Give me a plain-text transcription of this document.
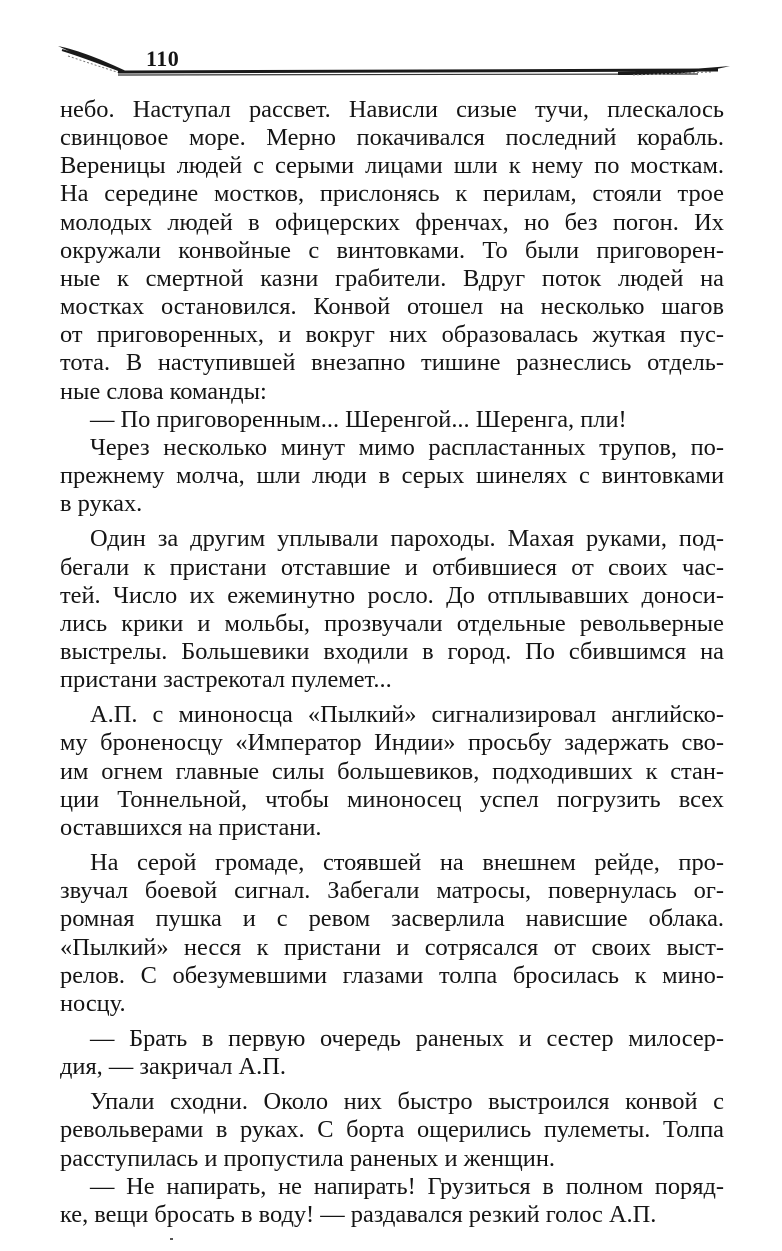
110

небо. Наступал рассвет. Нависли сизые тучи, плескалось

свинцовое море. Мерно покачивался последний корабль.

Вереницы людей с серыми лицами шли к нему по мосткам.

На середине мостков, прислонясь к перилам, стояли трое

молодых людей в офицерских френчах, но без погон. Их

окружали конвойные с винтовками. То были приговорен-

ные к смертной казни грабители. Вдруг поток людей на

мостках остановился. Конвой отошел на несколько шагов

от приговоренных, и вокруг них образовалась жуткая пус-

тота. В наступившей внезапно тишине разнеслись отдель-

ные слова команды:

— По приговоренным... Шеренгой... Шеренга, пли!

Через несколько минут мимо распластанных трупов, по-

прежнему молча, шли люди в серых шинелях с винтовками

в руках.

Один за другим уплывали пароходы. Махая руками, под-

бегали к пристани отставшие и отбившиеся от своих час-

тей. Число их ежеминутно росло. До отплывавших доноси-

лись крики и мольбы, прозвучали отдельные револьверные

выстрелы. Большевики входили в город. По сбившимся на

пристани застрекотал пулемет...

А.П. с миноносца «Пылкий» сигнализировал английско-

му броненосцу «Император Индии» просьбу задержать сво-

им огнем главные силы большевиков, подходивших к стан-

ции Тоннельной, чтобы миноносец успел погрузить всех

оставшихся на пристани.

На серой громаде, стоявшей на внешнем рейде, про-

звучал боевой сигнал. Забегали матросы, повернулась ог-

ромная пушка и с ревом засверлила нависшие облака.

«Пылкий» несся к пристани и сотрясался от своих выст-

релов. С обезумевшими глазами толпа бросилась к мино-

носцу.

— Брать в первую очередь раненых и сестер милосер-

дия, — закричал А.П.

Упали сходни. Около них быстро выстроился конвой с

револьверами в руках. С борта ощерились пулеметы. Толпа

расступилась и пропустила раненых и женщин.

— Не напирать, не напирать! Грузиться в полном поряд-

ке, вещи бросать в воду! — раздавался резкий голос А.П.
